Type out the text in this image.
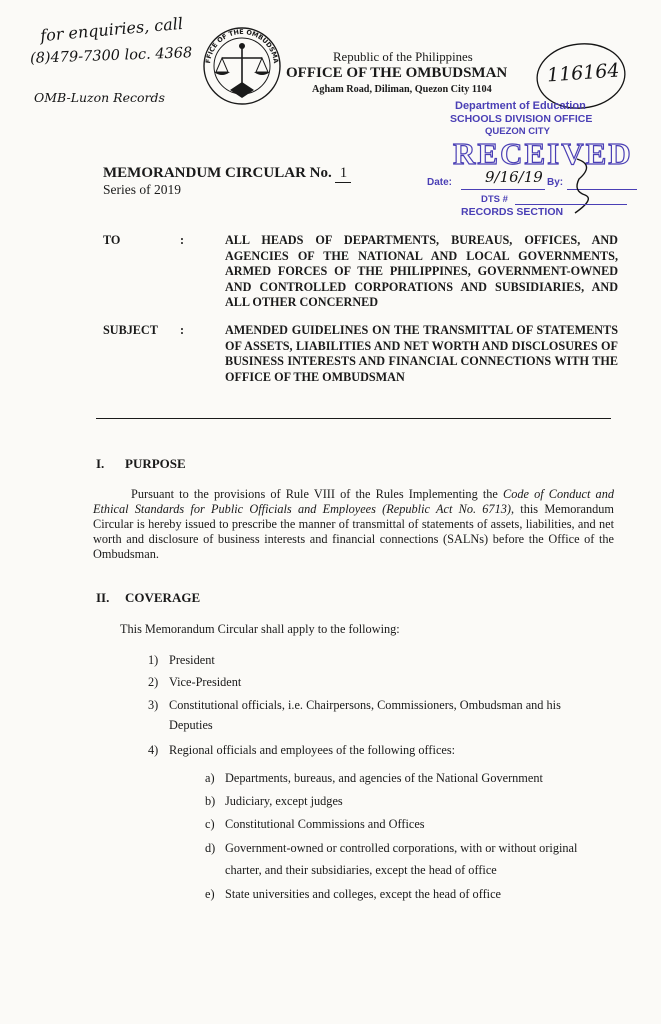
for enquiries, call
(8)479-7300 loc. 4368
OMB-Luzon Records
FFICE OF THE OMBUDSMA	Republic of the Philippines
OFFICE OF THE OMBUDSMAN
Agham Road, Diliman, Quezon City 1104
116164
Department of Education
SCHOOLS DIVISION OFFICE
QUEZON CITY
RECEIVED
Date: 9/16/19 By:
DTS #
RECORDS SECTION
MEMORANDUM CIRCULAR No. 1
Series of 2019
TO	:	ALL HEADS OF DEPARTMENTS, BUREAUS, OFFICES, AND AGENCIES OF THE NATIONAL AND LOCAL GOVERNMENTS, ARMED FORCES OF THE PHILIPPINES, GOVERNMENT-OWNED AND CONTROLLED CORPORATIONS AND SUBSIDIARIES, AND ALL OTHER CONCERNED
SUBJECT :	AMENDED GUIDELINES ON THE TRANSMITTAL OF STATEMENTS OF ASSETS, LIABILITIES AND NET WORTH AND DISCLOSURES OF BUSINESS INTERESTS AND FINANCIAL CONNECTIONS WITH THE OFFICE OF THE OMBUDSMAN
I. PURPOSE
Pursuant to the provisions of Rule VIII of the Rules Implementing the Code of Conduct and Ethical Standards for Public Officials and Employees (Republic Act No. 6713), this Memorandum Circular is hereby issued to prescribe the manner of transmittal of statements of assets, liabilities, and net worth and disclosure of business interests and financial connections (SALNs) before the Office of the Ombudsman.
II. COVERAGE
This Memorandum Circular shall apply to the following:
1) President
2) Vice-President
3) Constitutional officials, i.e. Chairpersons, Commissioners, Ombudsman and his
Deputies
4) Regional officials and employees of the following offices:
a) Departments, bureaus, and agencies of the National Government
b) Judiciary, except judges
c) Constitutional Commissions and Offices
d) Government-owned or controlled corporations, with or without original
charter, and their subsidiaries, except the head of office
e) State universities and colleges, except the head of office
